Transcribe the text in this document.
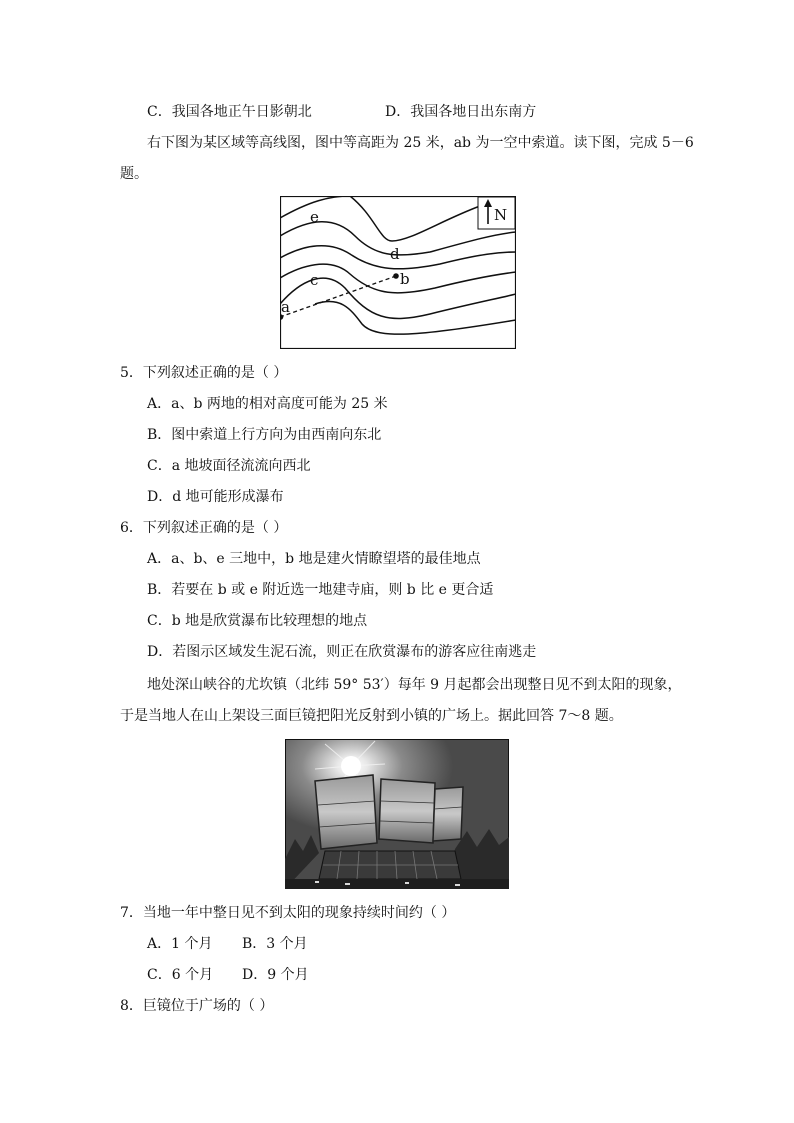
C．我国各地正午日影朝北	D．我国各地日出东南方
右下图为某区域等高线图，图中等高距为 25 米，ab 为一空中索道。读下图，完成 5－6
题。
e
d
c
a
b
N
5．下列叙述正确的是（ ）
A．a、b 两地的相对高度可能为 25 米
B．图中索道上行方向为由西南向东北
C．a 地坡面径流流向西北
D．d 地可能形成瀑布
6．下列叙述正确的是（ ）
A．a、b、e 三地中，b 地是建火情瞭望塔的最佳地点
B．若要在 b 或 e 附近选一地建寺庙，则 b 比 e 更合适
C．b 地是欣赏瀑布比较理想的地点
D．若图示区域发生泥石流，则正在欣赏瀑布的游客应往南逃走
地处深山峡谷的尤坎镇（北纬 59° 53′）每年 9 月起都会出现整日见不到太阳的现象，
于是当地人在山上架设三面巨镜把阳光反射到小镇的广场上。据此回答 7～8 题。
7．当地一年中整日见不到太阳的现象持续时间约（ ）
A．1 个月 B．3 个月
C．6 个月 D．9 个月
8．巨镜位于广场的（ ）
